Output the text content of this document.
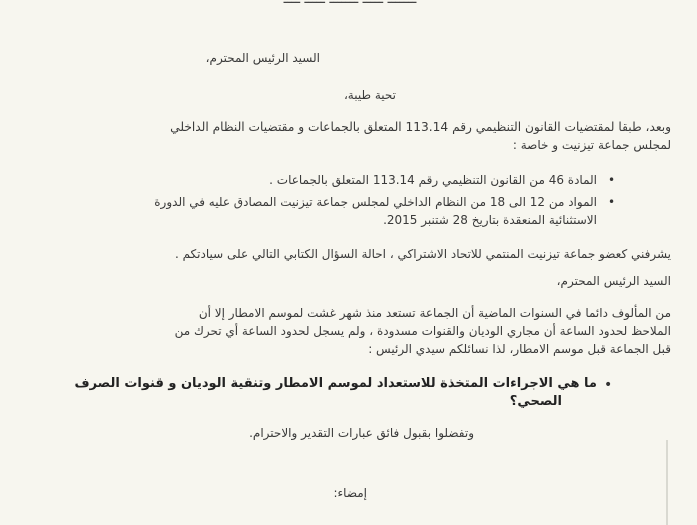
السيد الرئيس المحترم،
تحية طيبة،
وبعد، طبقا لمقتضيات القانون التنظيمي رقم 113.14 المتعلق بالجماعات و مقتضيات النظام الداخلي
لمجلس جماعة تيزنيت و خاصة :
•
المادة 46 من القانون التنظيمي رقم 113.14 المتعلق بالجماعات .
•
المواد من 12 الى 18 من النظام الداخلي لمجلس جماعة تيزنيت المصادق عليه في الدورة
الاستثنائية المنعقدة بتاريخ 28 شتنبر 2015.
يشرفني كعضو جماعة تيزنيت المنتمي للاتحاد الاشتراكي ، احالة السؤال الكتابي التالي على سيادتكم .
السيد الرئيس المحترم،
من المألوف دائما في السنوات الماضية أن الجماعة تستعد منذ شهر غشت لموسم الامطار إلا أن
الملاحظ لحدود الساعة أن مجاري الوديان والقنوات مسدودة ، ولم يسجل لحدود الساعة أي تحرك من
قبل الجماعة قبل موسم الامطار، لذا نسائلكم سيدي الرئيس :
•
ما هي الاجراءات المتخذة للاستعداد لموسم الامطار وتنقية الوديان و قنوات الصرف
الصحي؟
وتفضلوا بقبول فائق عبارات التقدير والاحترام.
إمضاء:
